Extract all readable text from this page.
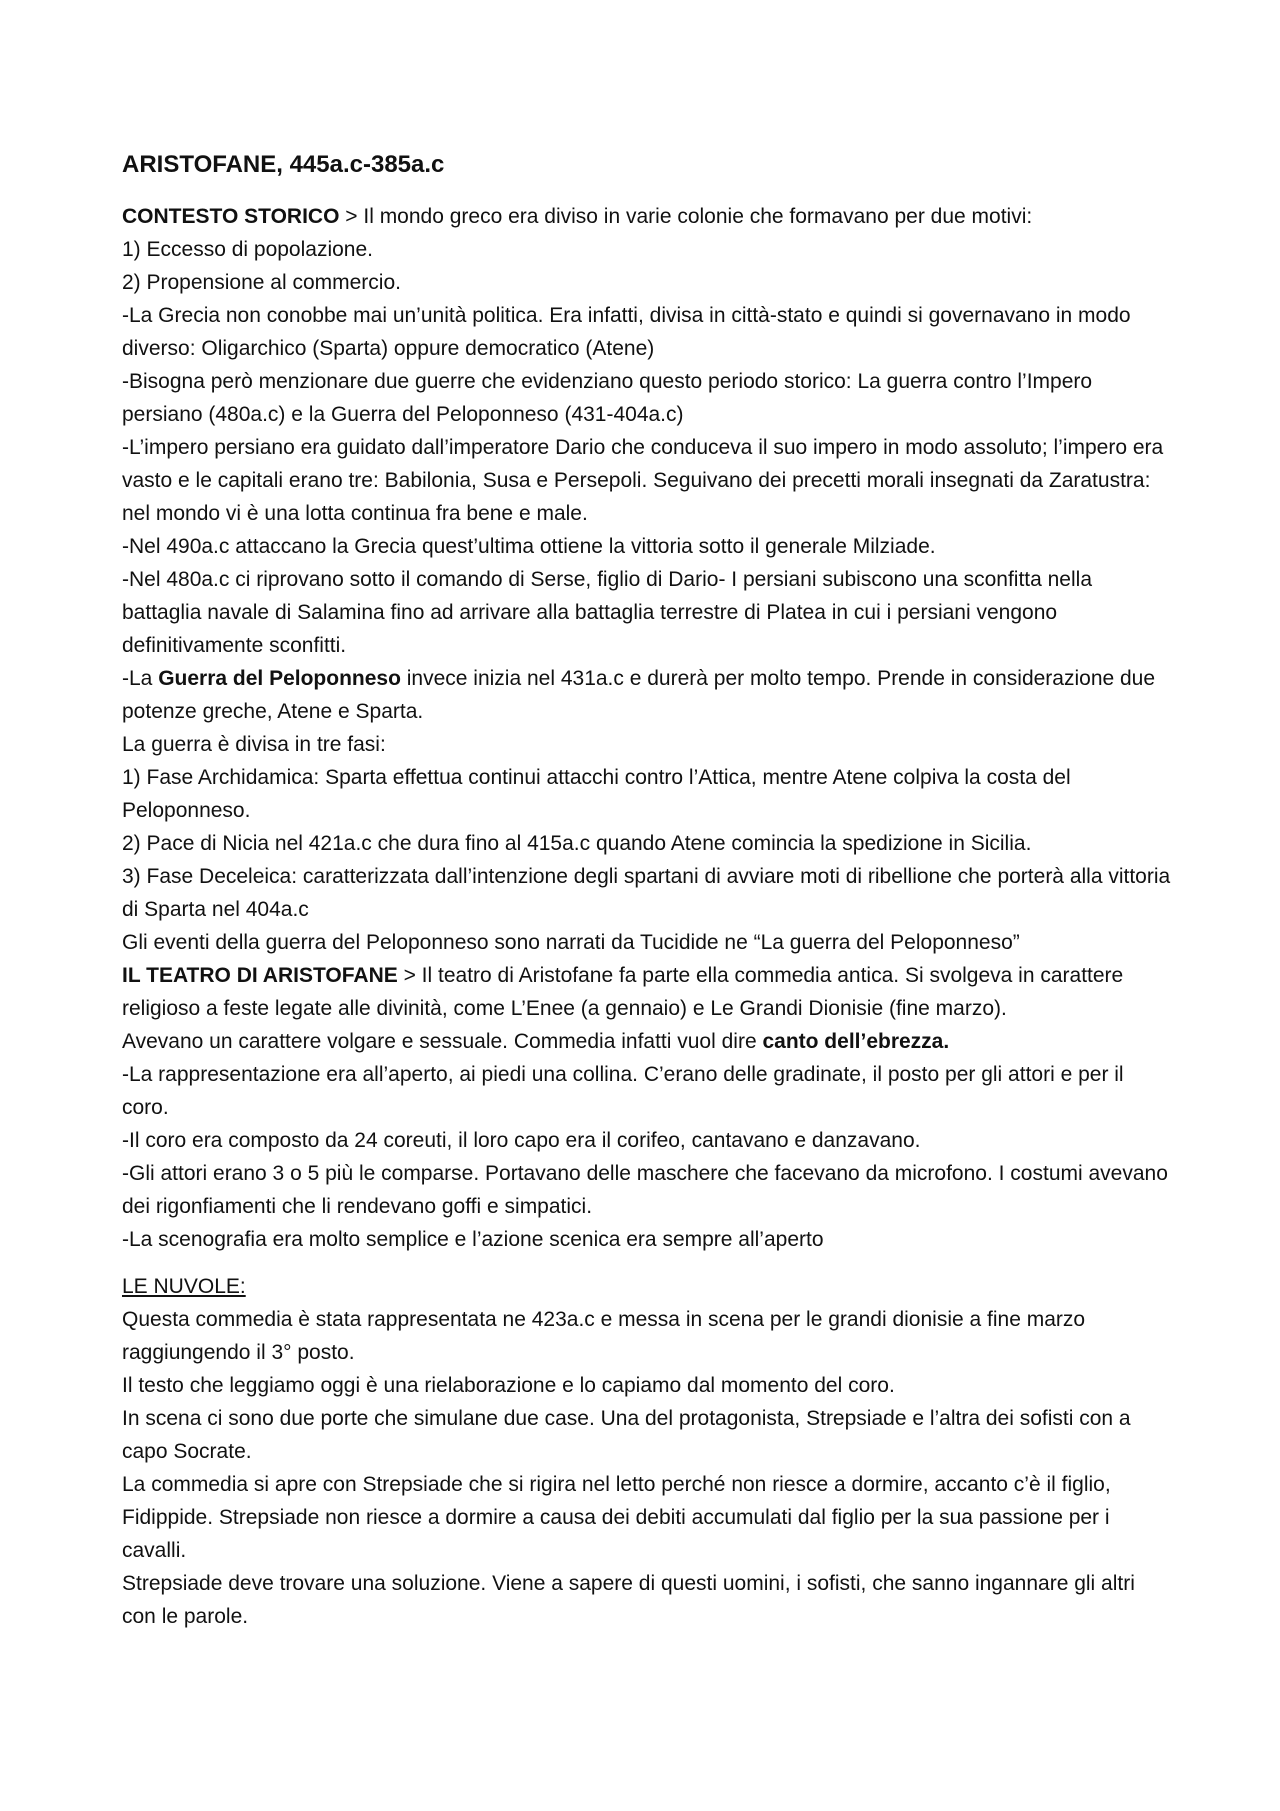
ARISTOFANE, 445a.c-385a.c

CONTESTO STORICO > Il mondo greco era diviso in varie colonie che formavano per due motivi:

1) Eccesso di popolazione.

2) Propensione al commercio.

-La Grecia non conobbe mai un’unità politica. Era infatti, divisa in città-stato e quindi si governavano in modo diverso: Oligarchico (Sparta) oppure democratico (Atene)

-Bisogna però menzionare due guerre che evidenziano questo periodo storico: La guerra contro l’Impero persiano (480a.c) e la Guerra del Peloponneso (431-404a.c)

-L’impero persiano era guidato dall’imperatore Dario che conduceva il suo impero in modo assoluto; l’impero era vasto e le capitali erano tre: Babilonia, Susa e Persepoli. Seguivano dei precetti morali insegnati da Zaratustra: nel mondo vi è una lotta continua fra bene e male.

-Nel 490a.c attaccano la Grecia quest’ultima ottiene la vittoria sotto il generale Milziade.

-Nel 480a.c ci riprovano sotto il comando di Serse, figlio di Dario- I persiani subiscono una sconfitta nella battaglia navale di Salamina fino ad arrivare alla battaglia terrestre di Platea in cui i persiani vengono definitivamente sconfitti.

-La Guerra del Peloponneso invece inizia nel 431a.c e durerà per molto tempo. Prende in considerazione due potenze greche, Atene e Sparta.

La guerra è divisa in tre fasi:

1) Fase Archidamica: Sparta effettua continui attacchi contro l’Attica, mentre Atene colpiva la costa del Peloponneso.

2) Pace di Nicia nel 421a.c che dura fino al 415a.c quando Atene comincia la spedizione in Sicilia.

3) Fase Deceleica: caratterizzata dall’intenzione degli spartani di avviare moti di ribellione che porterà alla vittoria di Sparta nel 404a.c

Gli eventi della guerra del Peloponneso sono narrati da Tucidide ne “La guerra del Peloponneso”

IL TEATRO DI ARISTOFANE > Il teatro di Aristofane fa parte ella commedia antica. Si svolgeva in carattere religioso a feste legate alle divinità, come L’Enee (a gennaio) e Le Grandi Dionisie (fine marzo).

Avevano un carattere volgare e sessuale. Commedia infatti vuol dire canto dell’ebrezza.

-La rappresentazione era all’aperto, ai piedi una collina. C’erano delle gradinate, il posto per gli attori e per il coro.

-Il coro era composto da 24 coreuti, il loro capo era il corifeo, cantavano e danzavano.

-Gli attori erano 3 o 5 più le comparse. Portavano delle maschere che facevano da microfono. I costumi avevano dei rigonfiamenti che li rendevano goffi e simpatici.

-La scenografia era molto semplice e l’azione scenica era sempre all’aperto

LE NUVOLE:

Questa commedia è stata rappresentata ne 423a.c e messa in scena per le grandi dionisie a fine marzo raggiungendo il 3° posto.

Il testo che leggiamo oggi è una rielaborazione e lo capiamo dal momento del coro.

In scena ci sono due porte che simulane due case. Una del protagonista, Strepsiade e l’altra dei sofisti con a capo Socrate.

La commedia si apre con Strepsiade che si rigira nel letto perché non riesce a dormire, accanto c’è il figlio, Fidippide. Strepsiade non riesce a dormire a causa dei debiti accumulati dal figlio per la sua passione per i cavalli.

Strepsiade deve trovare una soluzione. Viene a sapere di questi uomini, i sofisti, che sanno ingannare gli altri con le parole.
